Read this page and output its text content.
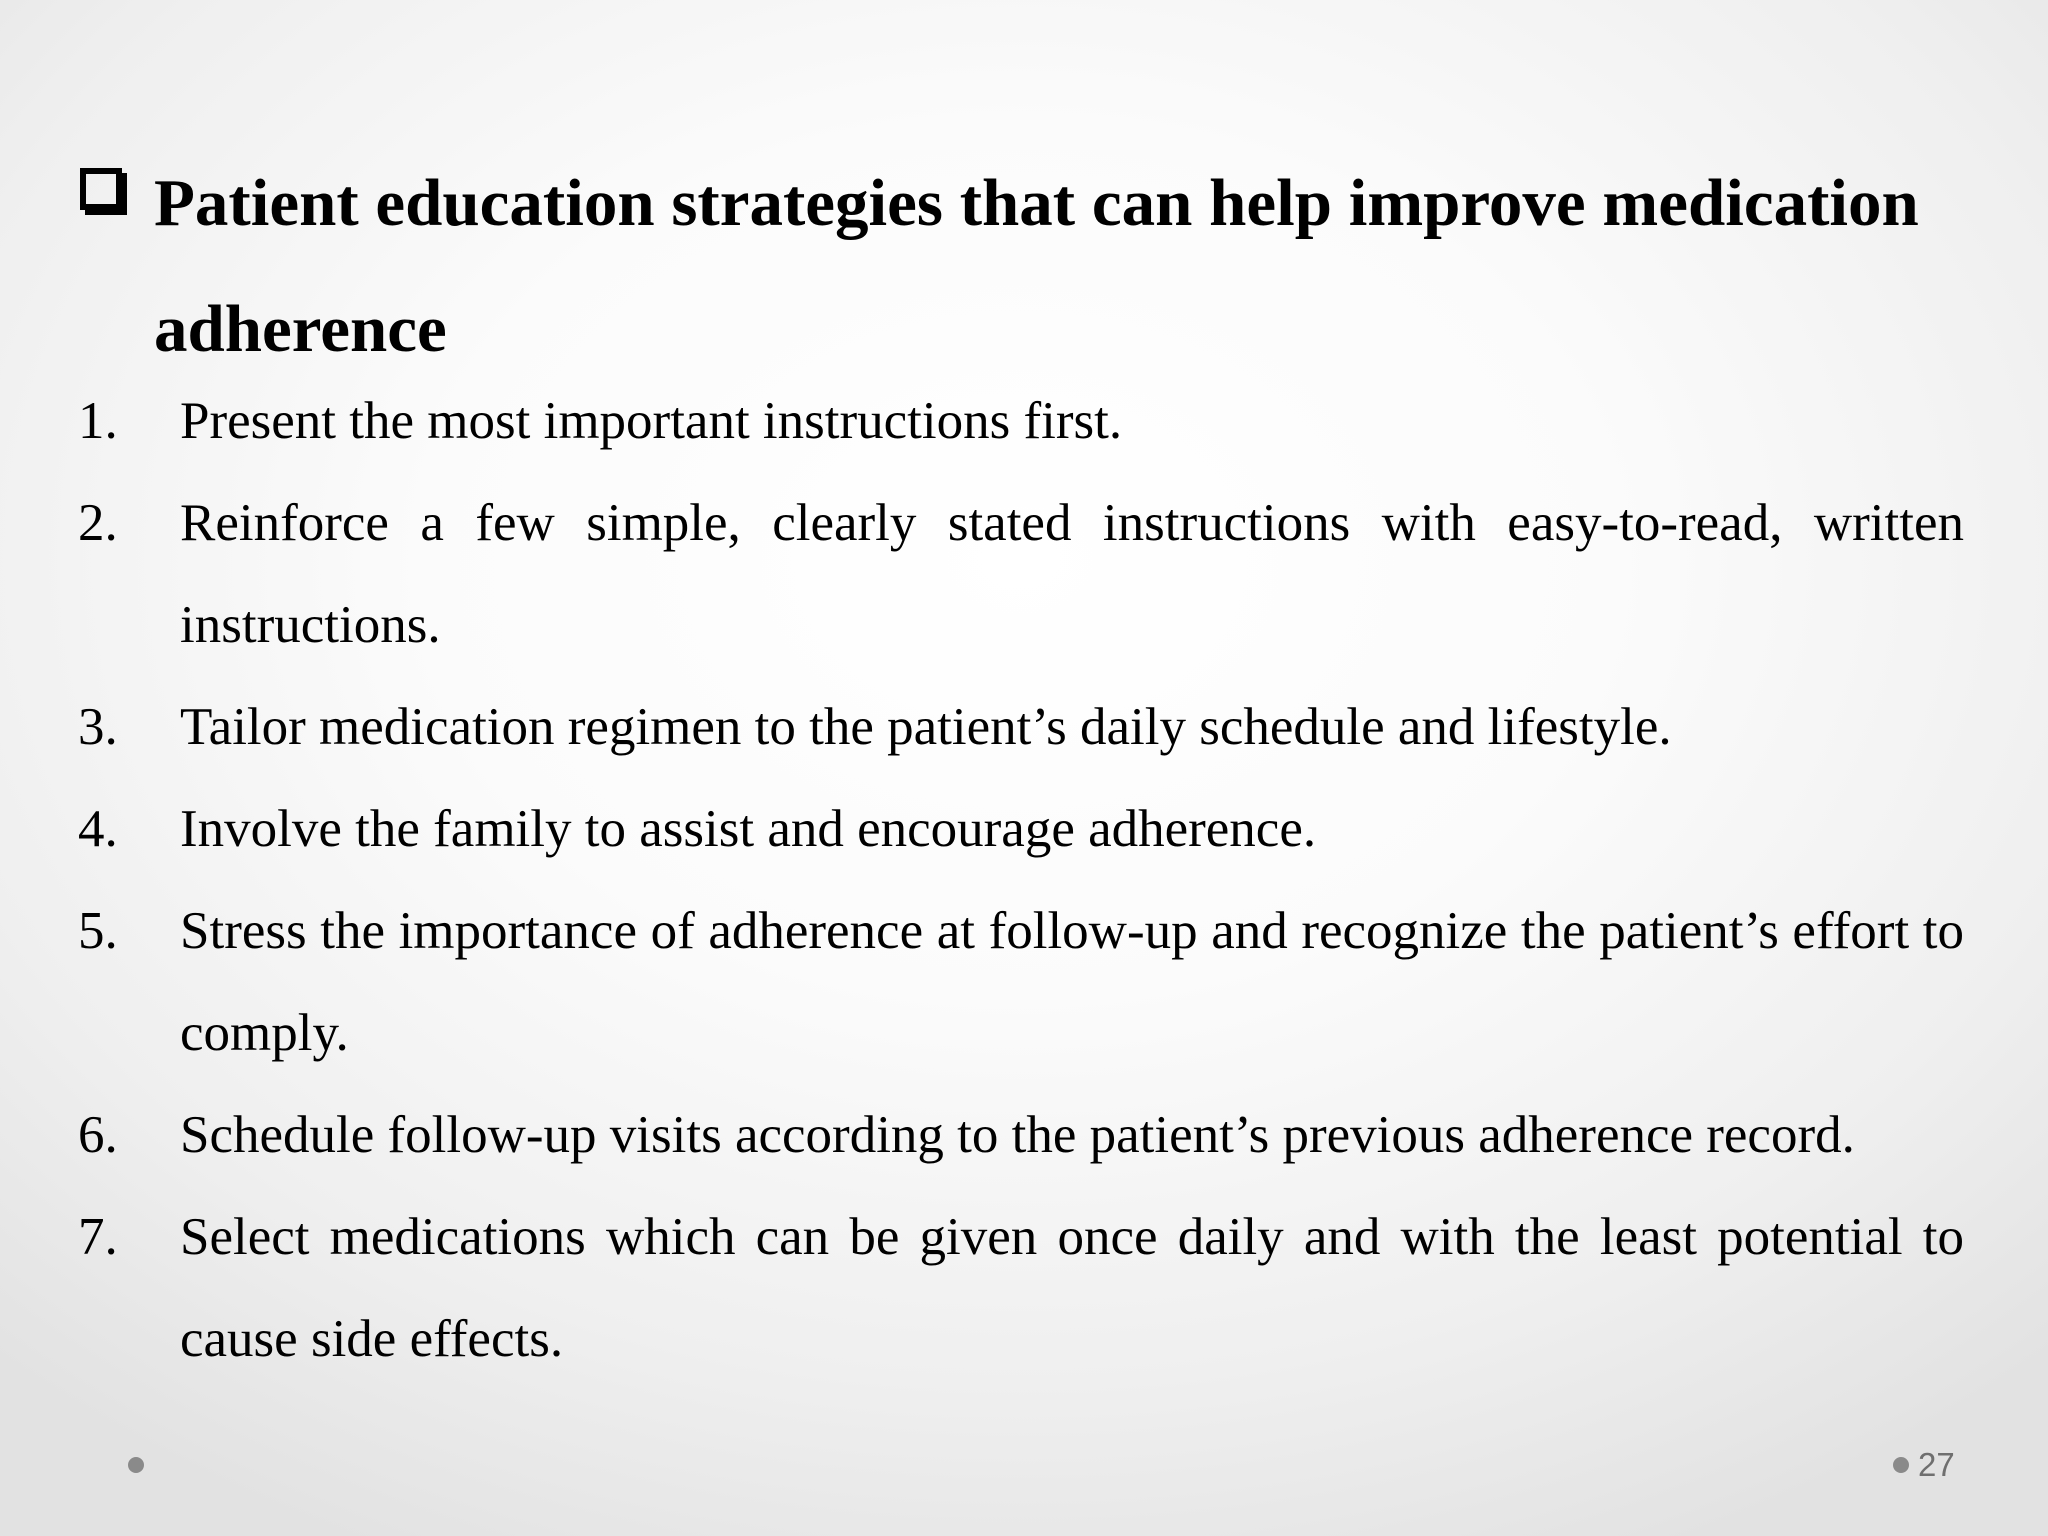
Patient education strategies that can help improve medication
adherence
1. Present the most important instructions first.
2. Reinforce a few simple, clearly stated instructions with easy-to-read, written instructions.
3. Tailor medication regimen to the patient’s daily schedule and lifestyle.
4. Involve the family to assist and encourage adherence.
5. Stress the importance of adherence at follow-up and recognize the patient’s effort to comply.
6. Schedule follow-up visits according to the patient’s previous adherence record.
7. Select medications which can be given once daily and with the least potential to cause side effects.
27
